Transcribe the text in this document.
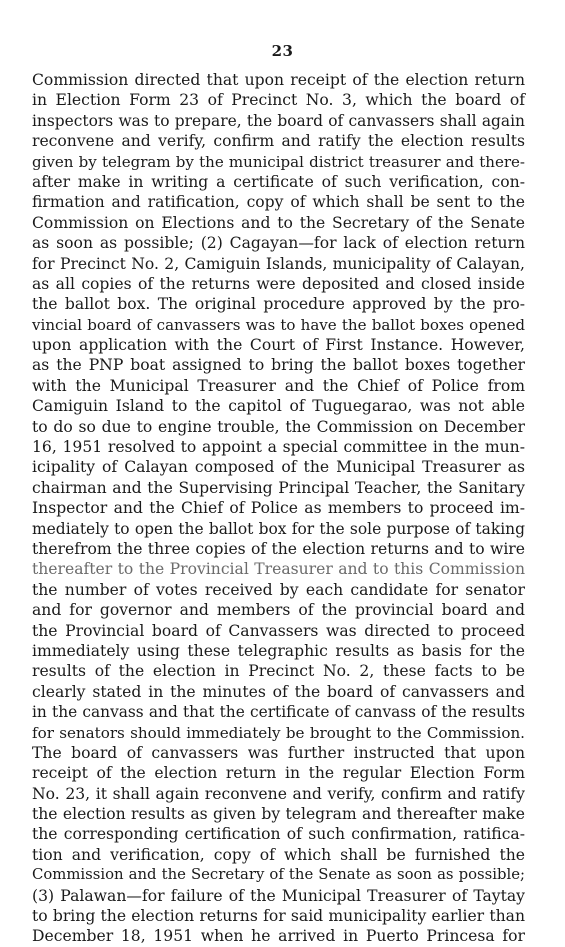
23
Commission directed that upon receipt of the election return
in Election Form 23 of Precinct No. 3, which the board of
inspectors was to prepare, the board of canvassers shall again
reconvene and verify, confirm and ratify the election results
given by telegram by the municipal district treasurer and there-
after make in writing a certificate of such verification, con-
firmation and ratification, copy of which shall be sent to the
Commission on Elections and to the Secretary of the Senate
as soon as possible; (2) Cagayan—for lack of election return
for Precinct No. 2, Camiguin Islands, municipality of Calayan,
as all copies of the returns were deposited and closed inside
the ballot box. The original procedure approved by the pro-
vincial board of canvassers was to have the ballot boxes opened
upon application with the Court of First Instance. However,
as the PNP boat assigned to bring the ballot boxes together
with the Municipal Treasurer and the Chief of Police from
Camiguin Island to the capitol of Tuguegarao, was not able
to do so due to engine trouble, the Commission on December
16, 1951 resolved to appoint a special committee in the mun-
icipality of Calayan composed of the Municipal Treasurer as
chairman and the Supervising Principal Teacher, the Sanitary
Inspector and the Chief of Police as members to proceed im-
mediately to open the ballot box for the sole purpose of taking
therefrom the three copies of the election returns and to wire
thereafter to the Provincial Treasurer and to this Commission
the number of votes received by each candidate for senator
and for governor and members of the provincial board and
the Provincial board of Canvassers was directed to proceed
immediately using these telegraphic results as basis for the
results of the election in Precinct No. 2, these facts to be
clearly stated in the minutes of the board of canvassers and
in the canvass and that the certificate of canvass of the results
for senators should immediately be brought to the Commission.
The board of canvassers was further instructed that upon
receipt of the election return in the regular Election Form
No. 23, it shall again reconvene and verify, confirm and ratify
the election results as given by telegram and thereafter make
the corresponding certification of such confirmation, ratifica-
tion and verification, copy of which shall be furnished the
Commission and the Secretary of the Senate as soon as possible;
(3) Palawan—for failure of the Municipal Treasurer of Taytay
to bring the election returns for said municipality earlier than
December 18, 1951 when he arrived in Puerto Princesa for
